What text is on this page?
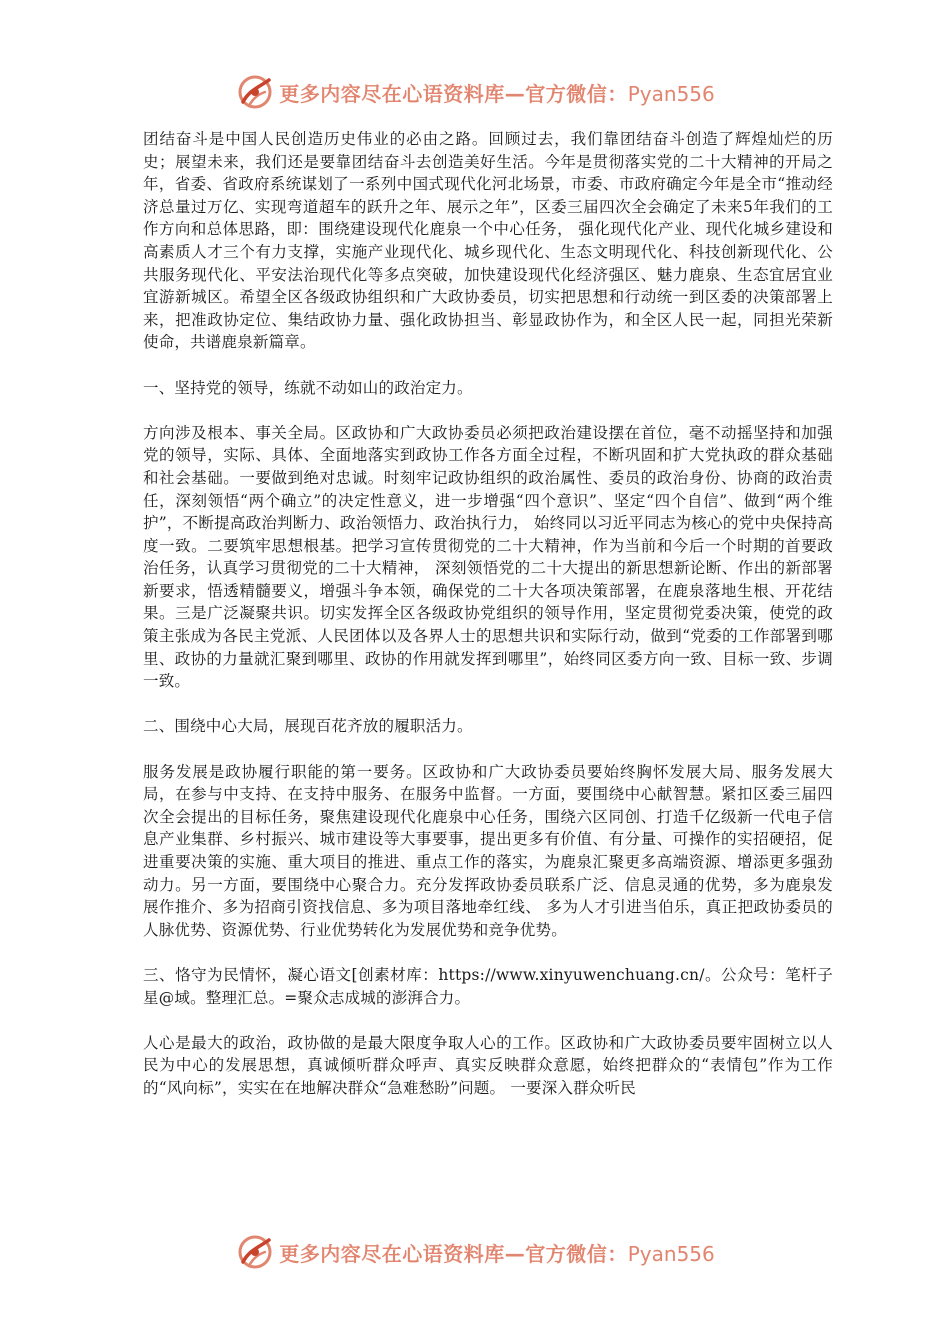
更多内容尽在心语资料库—官方微信：Pyan556

团结奋斗是中国人民创造历史伟业的必由之路。回顾过去，我们靠团结奋斗创造了辉煌灿烂的历史；展望未来，我们还是要靠团结奋斗去创造美好生活。今年是贯彻落实党的二十大精神的开局之年，省委、省政府系统谋划了一系列中国式现代化河北场景，市委、市政府确定今年是全市“推动经济总量过万亿、实现弯道超车的跃升之年、展示之年”，区委三届四次全会确定了未来5年我们的工作方向和总体思路，即：围绕建设现代化鹿泉一个中心任务， 强化现代化产业、现代化城乡建设和高素质人才三个有力支撑，实施产业现代化、城乡现代化、生态文明现代化、科技创新现代化、公共服务现代化、平安法治现代化等多点突破，加快建设现代化经济强区、魅力鹿泉、生态宜居宜业宜游新城区。希望全区各级政协组织和广大政协委员，切实把思想和行动统一到区委的决策部署上来，把准政协定位、集结政协力量、强化政协担当、彰显政协作为，和全区人民一起，同担光荣新使命，共谱鹿泉新篇章。

一、坚持党的领导，练就不动如山的政治定力。

方向涉及根本、事关全局。区政协和广大政协委员必须把政治建设摆在首位，毫不动摇坚持和加强党的领导，实际、具体、全面地落实到政协工作各方面全过程，不断巩固和扩大党执政的群众基础和社会基础。一要做到绝对忠诚。时刻牢记政协组织的政治属性、委员的政治身份、协商的政治责任，深刻领悟“两个确立”的决定性意义，进一步增强“四个意识”、坚定“四个自信”、做到“两个维护”，不断提高政治判断力、政治领悟力、政治执行力， 始终同以习近平同志为核心的党中央保持高度一致。二要筑牢思想根基。把学习宣传贯彻党的二十大精神，作为当前和今后一个时期的首要政治任务，认真学习贯彻党的二十大精神， 深刻领悟党的二十大提出的新思想新论断、作出的新部署新要求，悟透精髓要义，增强斗争本领，确保党的二十大各项决策部署，在鹿泉落地生根、开花结果。三是广泛凝聚共识。切实发挥全区各级政协党组织的领导作用，坚定贯彻党委决策，使党的政策主张成为各民主党派、人民团体以及各界人士的思想共识和实际行动，做到“党委的工作部署到哪里、政协的力量就汇聚到哪里、政协的作用就发挥到哪里”，始终同区委方向一致、目标一致、步调一致。

二、围绕中心大局，展现百花齐放的履职活力。

服务发展是政协履行职能的第一要务。区政协和广大政协委员要始终胸怀发展大局、服务发展大局，在参与中支持、在支持中服务、在服务中监督。一方面，要围绕中心献智慧。紧扣区委三届四次全会提出的目标任务，聚焦建设现代化鹿泉中心任务，围绕六区同创、打造千亿级新一代电子信息产业集群、乡村振兴、城市建设等大事要事，提出更多有价值、有分量、可操作的实招硬招，促进重要决策的实施、重大项目的推进、重点工作的落实，为鹿泉汇聚更多高端资源、增添更多强劲动力。另一方面，要围绕中心聚合力。充分发挥政协委员联系广泛、信息灵通的优势，多为鹿泉发展作推介、多为招商引资找信息、多为项目落地牵红线、 多为人才引进当伯乐，真正把政协委员的人脉优势、资源优势、行业优势转化为发展优势和竞争优势。

三、恪守为民情怀，凝心语文[创素材库：https://www.xinyuwenchuang.cn/。公众号：笔杆子星@域。整理汇总。=聚众志成城的澎湃合力。

人心是最大的政治，政协做的是最大限度争取人心的工作。区政协和广大政协委员要牢固树立以人民为中心的发展思想，真诚倾听群众呼声、真实反映群众意愿，始终把群众的“表情包”作为工作的“风向标”，实实在在地解决群众“急难愁盼”问题。 一要深入群众听民

更多内容尽在心语资料库—官方微信：Pyan556
